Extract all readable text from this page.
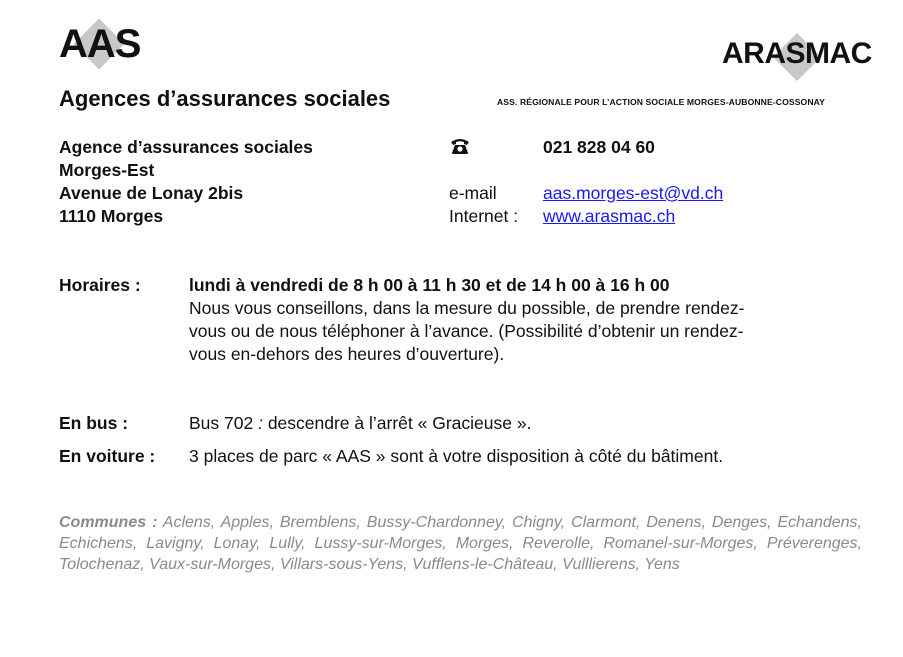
AAS	ARASMAC
Agences d’assurances sociales	ASS. RÉGIONALE POUR L’ACTION SOCIALE MORGES-AUBONNE-COSSONAY
Agence d’assurances sociales
Morges-Est
Avenue de Lonay 2bis
1110 Morges
021 828 04 60
e-mail	aas.morges-est@vd.ch
Internet : www.arasmac.ch
Horaires :	lundi à vendredi de 8 h 00 à 11 h 30 et de 14 h 00 à 16 h 00
Nous vous conseillons, dans la mesure du possible, de prendre rendez-
vous ou de nous téléphoner à l’avance. (Possibilité d’obtenir un rendez-
vous en-dehors des heures d’ouverture).
En bus :	Bus 702 : descendre à l’arrêt « Gracieuse ».
En voiture : 3 places de parc « AAS » sont à votre disposition à côté du bâtiment.
Communes : Aclens, Apples, Bremblens, Bussy-Chardonney, Chigny, Clarmont, Denens, Denges, Echandens, Echichens, Lavigny, Lonay, Lully, Lussy-sur-Morges, Morges, Reverolle, Romanel-sur-Morges, Préverenges, Tolochenaz, Vaux-sur-Morges, Villars-sous-Yens, Vufflens-le-Château, Vulllierens, Yens
